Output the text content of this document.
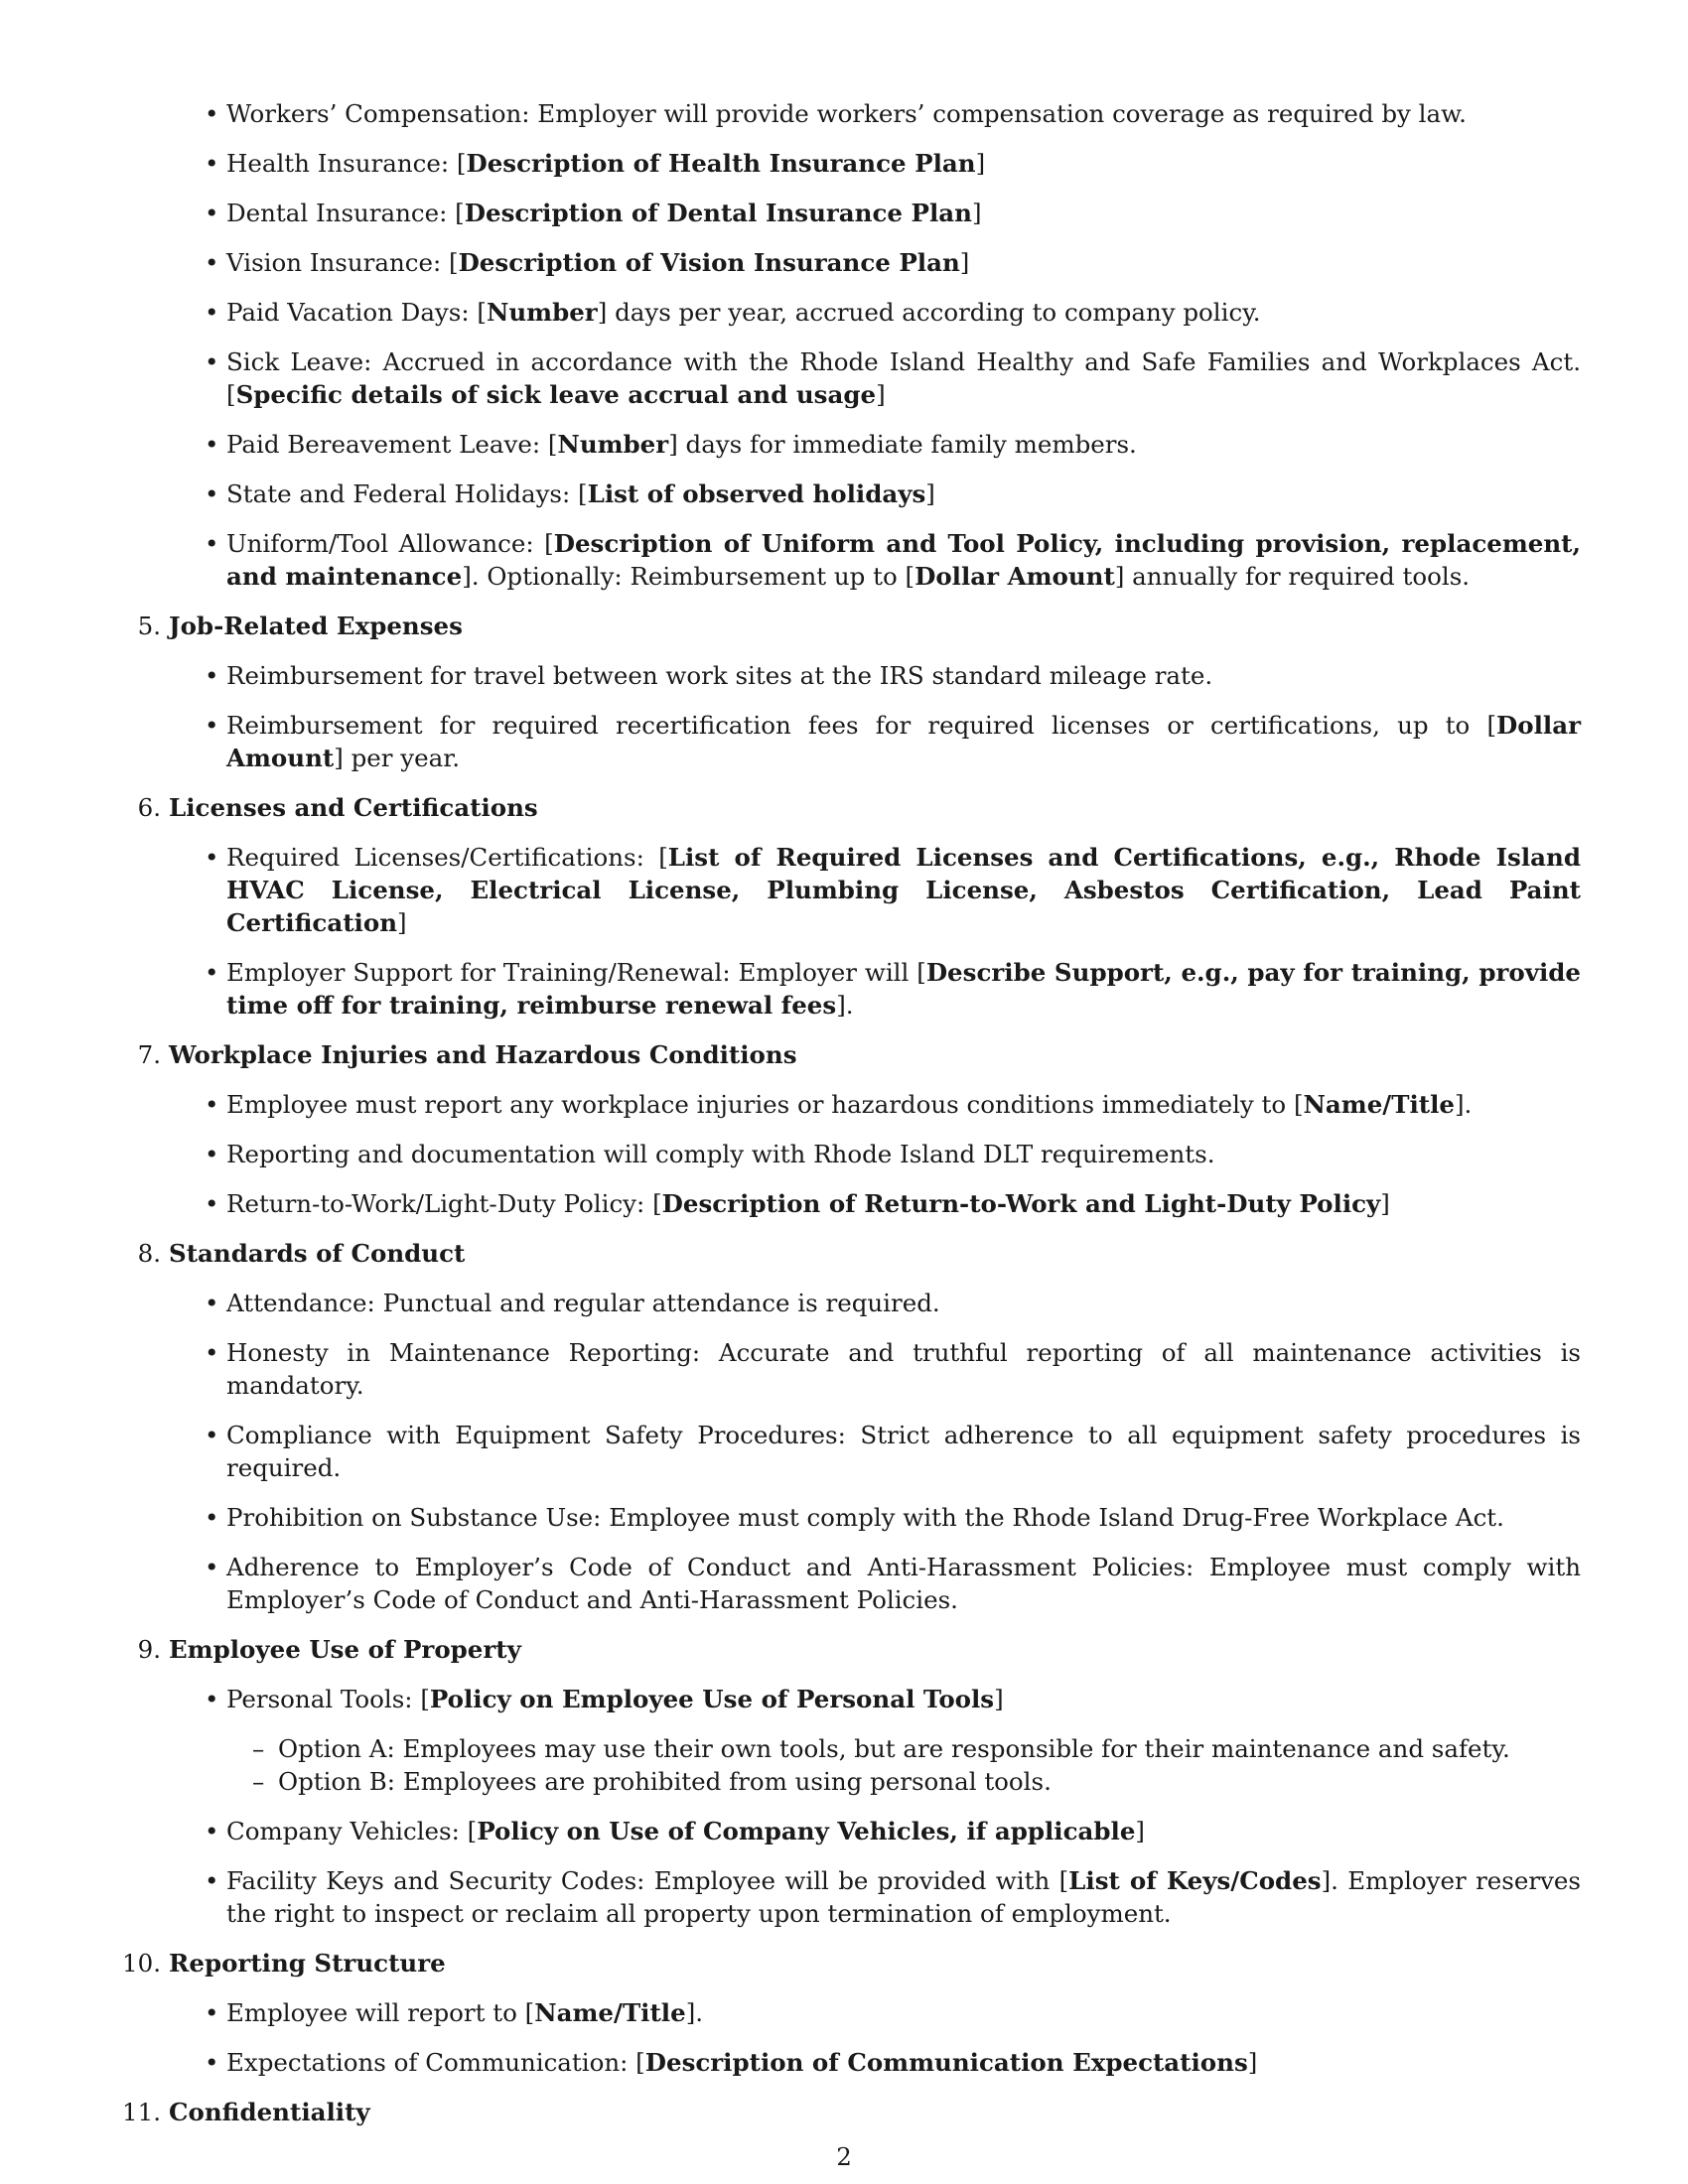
• Workers’ Compensation: Employer will provide workers’ compensation coverage as required by law.
• Health Insurance: [Description of Health Insurance Plan]
• Dental Insurance: [Description of Dental Insurance Plan]
• Vision Insurance: [Description of Vision Insurance Plan]
• Paid Vacation Days: [Number] days per year, accrued according to company policy.
• Sick Leave: Accrued in accordance with the Rhode Island Healthy and Safe Families and Workplaces Act. [Specific details of sick leave accrual and usage]
• Paid Bereavement Leave: [Number] days for immediate family members.
• State and Federal Holidays: [List of observed holidays]
• Uniform/Tool Allowance: [Description of Uniform and Tool Policy, including provision, replacement, and maintenance]. Optionally: Reimbursement up to [Dollar Amount] annually for required tools.
5. Job-Related Expenses
• Reimbursement for travel between work sites at the IRS standard mileage rate.
• Reimbursement for required recertification fees for required licenses or certifications, up to [Dollar Amount] per year.
6. Licenses and Certifications
• Required Licenses/Certifications: [List of Required Licenses and Certifications, e.g., Rhode Island HVAC License, Electrical License, Plumbing License, Asbestos Certification, Lead Paint Certification]
• Employer Support for Training/Renewal: Employer will [Describe Support, e.g., pay for training, provide time off for training, reimburse renewal fees].
7. Workplace Injuries and Hazardous Conditions
• Employee must report any workplace injuries or hazardous conditions immediately to [Name/Title].
• Reporting and documentation will comply with Rhode Island DLT requirements.
• Return-to-Work/Light-Duty Policy: [Description of Return-to-Work and Light-Duty Policy]
8. Standards of Conduct
• Attendance: Punctual and regular attendance is required.
• Honesty in Maintenance Reporting: Accurate and truthful reporting of all maintenance activities is mandatory.
• Compliance with Equipment Safety Procedures: Strict adherence to all equipment safety procedures is required.
• Prohibition on Substance Use: Employee must comply with the Rhode Island Drug-Free Workplace Act.
• Adherence to Employer’s Code of Conduct and Anti-Harassment Policies: Employee must comply with Employer’s Code of Conduct and Anti-Harassment Policies.
9. Employee Use of Property
• Personal Tools: [Policy on Employee Use of Personal Tools]
– Option A: Employees may use their own tools, but are responsible for their maintenance and safety.
– Option B: Employees are prohibited from using personal tools.
• Company Vehicles: [Policy on Use of Company Vehicles, if applicable]
• Facility Keys and Security Codes: Employee will be provided with [List of Keys/Codes]. Employer reserves the right to inspect or reclaim all property upon termination of employment.
10. Reporting Structure
• Employee will report to [Name/Title].
• Expectations of Communication: [Description of Communication Expectations]
11. Confidentiality
2
